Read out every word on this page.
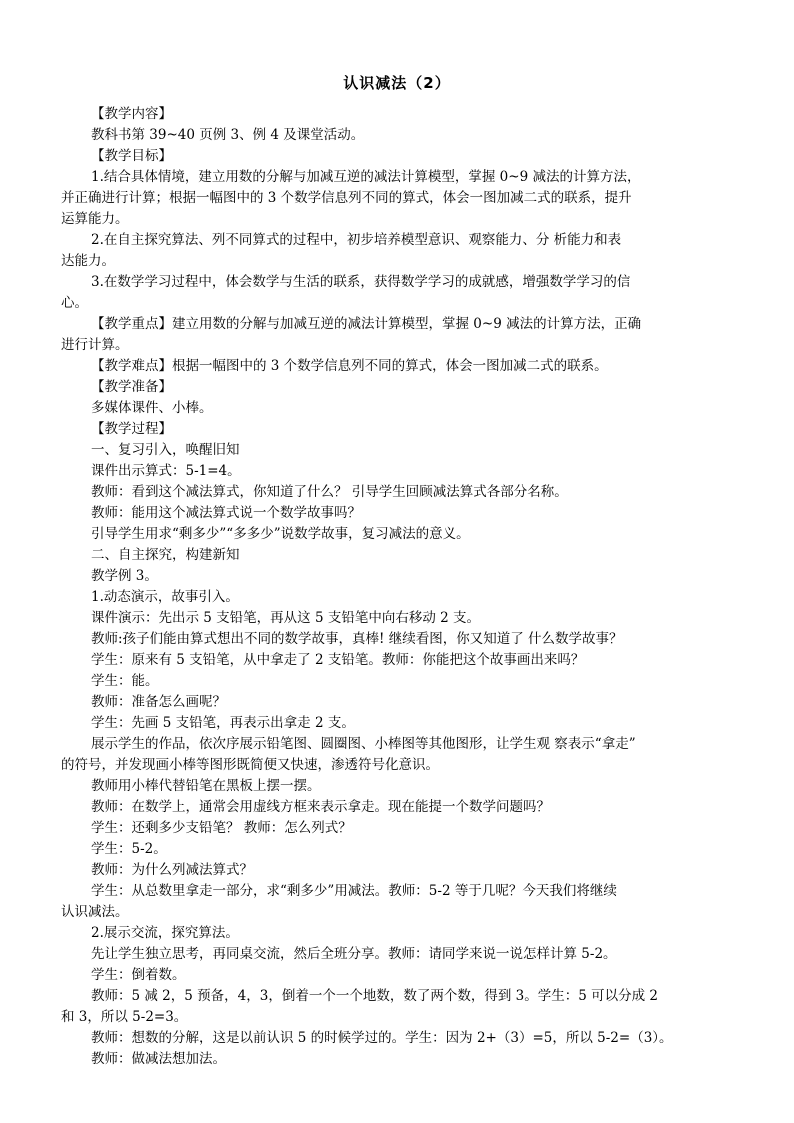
认识减法（2）

【教学内容】

教科书第 39~40 页例 3、例 4 及课堂活动。

【教学目标】

1.结合具体情境，建立用数的分解与加减互逆的减法计算模型，掌握 0~9 减法的计算方法，

并正确进行计算；根据一幅图中的 3 个数学信息列不同的算式，体会一图加减二式的联系，提升

运算能力。

2.在自主探究算法、列不同算式的过程中，初步培养模型意识、观察能力、分 析能力和表

达能力。

3.在数学学习过程中，体会数学与生活的联系，获得数学学习的成就感，增强数学学习的信

心。

【教学重点】建立用数的分解与加减互逆的减法计算模型，掌握 0~9 减法的计算方法，正确

进行计算。

【教学难点】根据一幅图中的 3 个数学信息列不同的算式，体会一图加减二式的联系。

【教学准备】

多媒体课件、小棒。

【教学过程】

一、复习引入，唤醒旧知

课件出示算式：5-1=4。

教师：看到这个减法算式，你知道了什么？ 引导学生回顾减法算式各部分名称。

教师：能用这个减法算式说一个数学故事吗？

引导学生用求“剩多少”“多多少”说数学故事，复习减法的意义。

二、自主探究，构建新知

教学例 3。

1.动态演示，故事引入。

课件演示：先出示 5 支铅笔，再从这 5 支铅笔中向右移动 2 支。

教师:孩子们能由算式想出不同的数学故事，真棒! 继续看图，你又知道了 什么数学故事？

学生：原来有 5 支铅笔，从中拿走了 2 支铅笔。教师：你能把这个故事画出来吗？

学生：能。

教师：准备怎么画呢？

学生：先画 5 支铅笔，再表示出拿走 2 支。

展示学生的作品，依次序展示铅笔图、圆圈图、小棒图等其他图形，让学生观 察表示“拿走”

的符号，并发现画小棒等图形既简便又快速，渗透符号化意识。

教师用小棒代替铅笔在黑板上摆一摆。

教师：在数学上，通常会用虚线方框来表示拿走。现在能提一个数学问题吗？

学生：还剩多少支铅笔？ 教师：怎么列式？

学生：5-2。

教师：为什么列减法算式？

学生：从总数里拿走一部分，求“剩多少”用减法。教师：5-2 等于几呢？今天我们将继续

认识减法。

2.展示交流，探究算法。

先让学生独立思考，再同桌交流，然后全班分享。教师：请同学来说一说怎样计算 5-2。

学生：倒着数。

教师：5 减 2，5 预备，4，3，倒着一个一个地数，数了两个数，得到 3。学生：5 可以分成 2

和 3，所以 5-2=3。

教师：想数的分解，这是以前认识 5 的时候学过的。学生：因为 2+（3）=5，所以 5-2=（3）。

教师：做减法想加法。
